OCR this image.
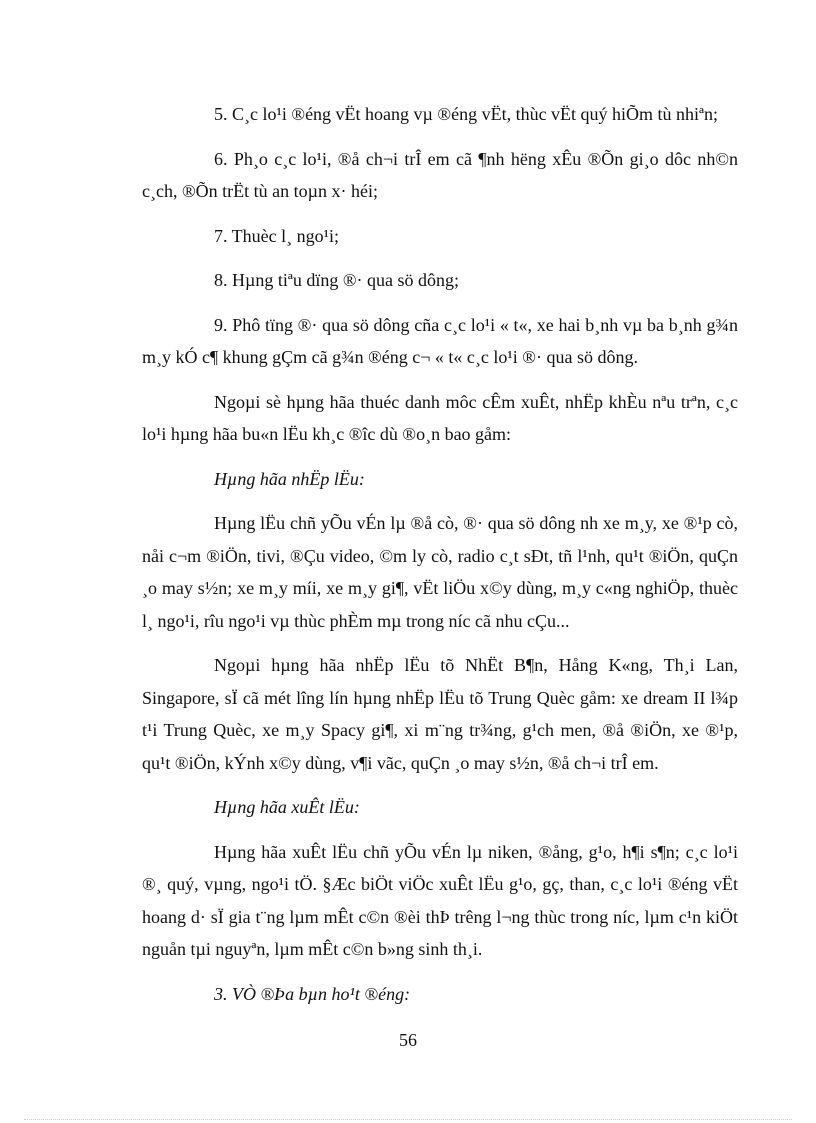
5. C¸c lo¹i ®éng vËt hoang vµ ®éng vËt, thùc vËt quý hiÕm tù nhiªn;

6. Ph¸o c¸c lo¹i, ®å ch¬i trÎ em cã ¶nh hëng xÊu ®Õn gi¸o dôc nh©n c¸ch, ®Õn trËt tù an toµn x· héi;

7. Thuèc l¸ ngo¹i;

8. Hµng tiªu dïng ®· qua sö dông;

9. Phô tïng ®· qua sö dông cña c¸c lo¹i « t«, xe hai b¸nh vµ ba b¸nh g¾n m¸y kÓ c¶ khung gÇm cã g¾n ®éng c¬ « t« c¸c lo¹i ®· qua sö dông.

Ngoµi sè hµng hãa thuéc danh môc cÊm xuÊt, nhËp khÈu nªu trªn, c¸c lo¹i hµng hãa bu«n lËu kh¸c ®îc dù ®o¸n bao gåm:

Hµng hãa nhËp lËu:

Hµng lËu chñ yÕu vÉn lµ ®å cò, ®· qua sö dông nh xe m¸y, xe ®¹p cò, nåi c¬m ®iÖn, tivi, ®Çu video, ©m ly cò, radio c¸t sÐt, tñ l¹nh, qu¹t ®iÖn, quÇn ¸o may s½n; xe m¸y míi, xe m¸y gi¶, vËt liÖu x©y dùng, m¸y c«ng nghiÖp, thuèc l¸ ngo¹i, rîu ngo¹i vµ thùc phÈm mµ trong níc cã nhu cÇu...

Ngoµi hµng hãa nhËp lËu tõ NhËt B¶n, Hång K«ng, Th¸i Lan, Singapore, sÏ cã mét lîng lín hµng nhËp lËu tõ Trung Quèc gåm: xe dream II l¾p t¹i Trung Quèc, xe m¸y Spacy gi¶, xi m¨ng tr¾ng, g¹ch men, ®å ®iÖn, xe ®¹p, qu¹t ®iÖn, kÝnh x©y dùng, v¶i vãc, quÇn ¸o may s½n, ®å ch¬i trÎ em.

Hµng hãa xuÊt lËu:

Hµng hãa xuÊt lËu chñ yÕu vÉn lµ niken, ®ång, g¹o, h¶i s¶n; c¸c lo¹i ®¸ quý, vµng, ngo¹i tÖ. §Æc biÖt viÖc xuÊt lËu g¹o, gç, than, c¸c lo¹i ®éng vËt hoang d· sÏ gia t¨ng lµm mÊt c©n ®èi thÞ trêng l¬ng thùc trong níc, lµm c¹n kiÖt nguån tµi nguyªn, lµm mÊt c©n b»ng sinh th¸i.

3. VÒ ®Þa bµn ho¹t ®éng:

56
